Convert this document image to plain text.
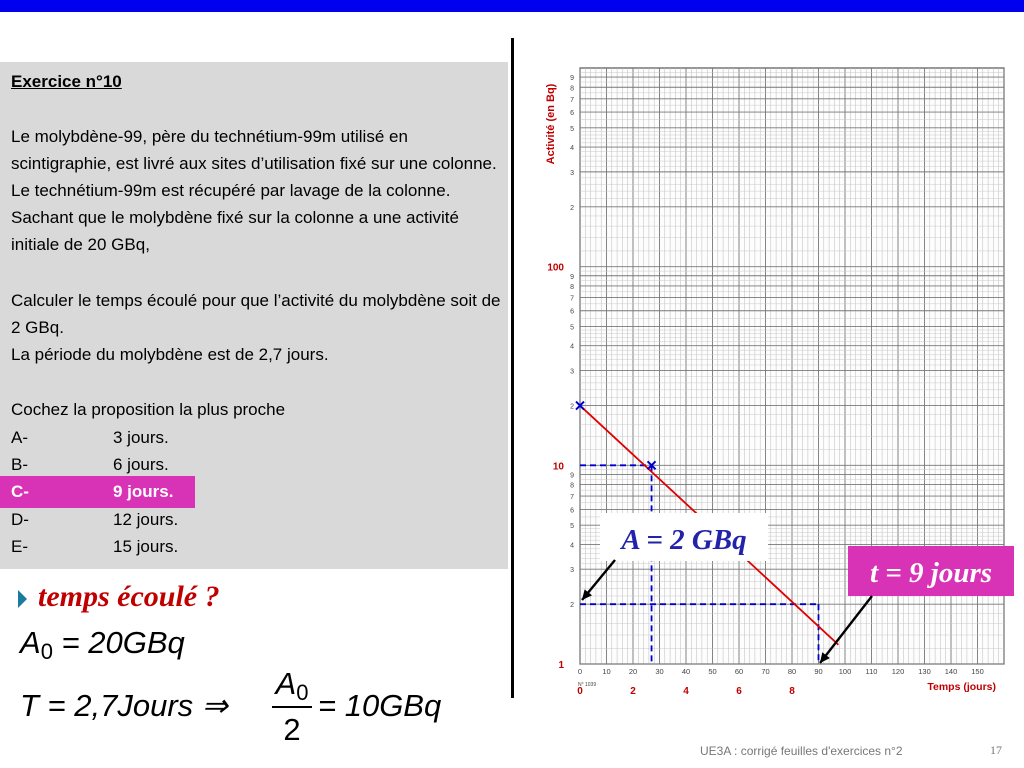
Exercice n°10
Le molybdène-99, père du technétium-99m utilisé en scintigraphie, est livré aux sites d’utilisation fixé sur une colonne. Le technétium-99m est récupéré par lavage de la colonne. Sachant que le molybdène fixé sur la colonne a une activité initiale de 20 GBq,
Calculer le temps écoulé pour que l’activité du molybdène soit de 2 GBq.
La période du molybdène est de 2,7 jours.
Cochez la proposition la plus proche
A-	3 jours.
B-	6 jours.
C-	9 jours.
D-	12 jours.
E-	15 jours.
temps écoulé ?
$A_0 = 20GBq$
T = 2,7Jours ⇒
$A_0$
2
= 10GBq
2
3
4
5
6
7
8
9
2
3
4
5
6
7
8
9
2
3
4
5
6
7
8
9
0	10 20 30 40 50 60 70 80 90 100 110 120 130 140 150
N° 1039
Activité (en Bq)
100
10
1
0	2	4	6	8	Temps (jours)
A = 2 GBq
t = 9 jours
UE3A : corrigé feuilles d'exercices n°2	17
